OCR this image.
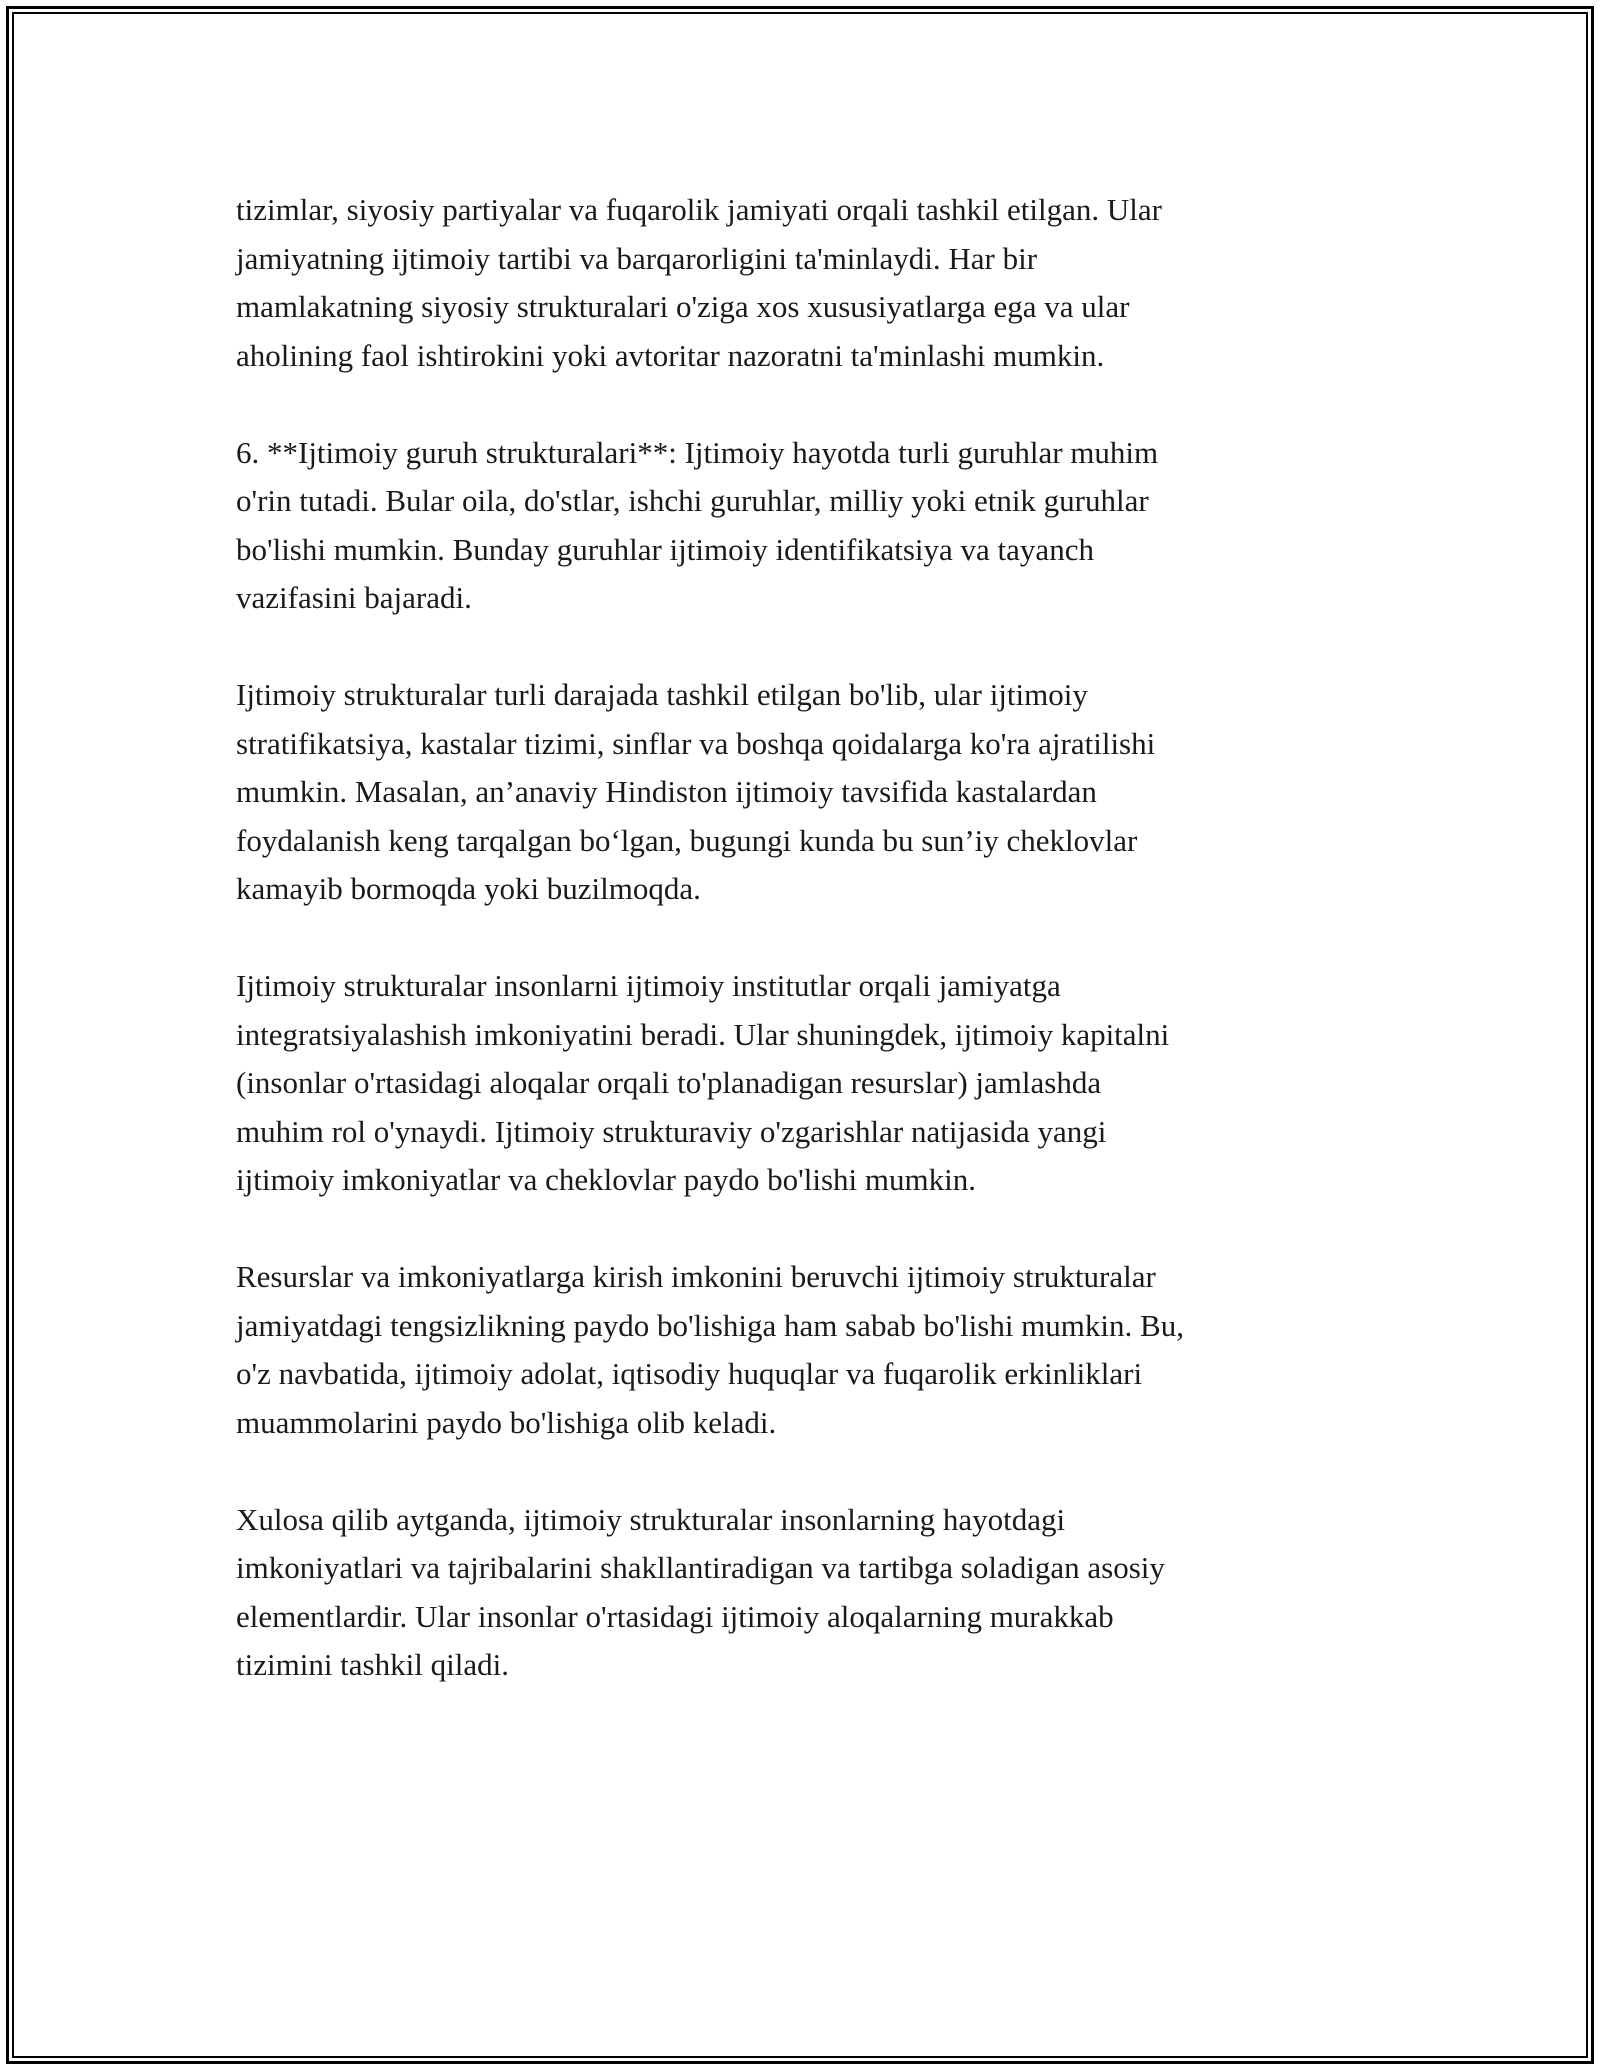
tizimlar, siyosiy partiyalar va fuqarolik jamiyati orqali tashkil etilgan. Ular
jamiyatning ijtimoiy tartibi va barqarorligini ta'minlaydi. Har bir
mamlakatning siyosiy strukturalari o'ziga xos xususiyatlarga ega va ular
aholining faol ishtirokini yoki avtoritar nazoratni ta'minlashi mumkin.

6. **Ijtimoiy guruh strukturalari**: Ijtimoiy hayotda turli guruhlar muhim
o'rin tutadi. Bular oila, do'stlar, ishchi guruhlar, milliy yoki etnik guruhlar
bo'lishi mumkin. Bunday guruhlar ijtimoiy identifikatsiya va tayanch
vazifasini bajaradi.

Ijtimoiy strukturalar turli darajada tashkil etilgan bo'lib, ular ijtimoiy
stratifikatsiya, kastalar tizimi, sinflar va boshqa qoidalarga ko'ra ajratilishi
mumkin. Masalan, an’anaviy Hindiston ijtimoiy tavsifida kastalardan
foydalanish keng tarqalgan bo‘lgan, bugungi kunda bu sun’iy cheklovlar
kamayib bormoqda yoki buzilmoqda.

Ijtimoiy strukturalar insonlarni ijtimoiy institutlar orqali jamiyatga
integratsiyalashish imkoniyatini beradi. Ular shuningdek, ijtimoiy kapitalni
(insonlar o'rtasidagi aloqalar orqali to'planadigan resurslar) jamlashda
muhim rol o'ynaydi. Ijtimoiy strukturaviy o'zgarishlar natijasida yangi
ijtimoiy imkoniyatlar va cheklovlar paydo bo'lishi mumkin.

Resurslar va imkoniyatlarga kirish imkonini beruvchi ijtimoiy strukturalar
jamiyatdagi tengsizlikning paydo bo'lishiga ham sabab bo'lishi mumkin. Bu,
o'z navbatida, ijtimoiy adolat, iqtisodiy huquqlar va fuqarolik erkinliklari
muammolarini paydo bo'lishiga olib keladi.

Xulosa qilib aytganda, ijtimoiy strukturalar insonlarning hayotdagi
imkoniyatlari va tajribalarini shakllantiradigan va tartibga soladigan asosiy
elementlardir. Ular insonlar o'rtasidagi ijtimoiy aloqalarning murakkab
tizimini tashkil qiladi.
